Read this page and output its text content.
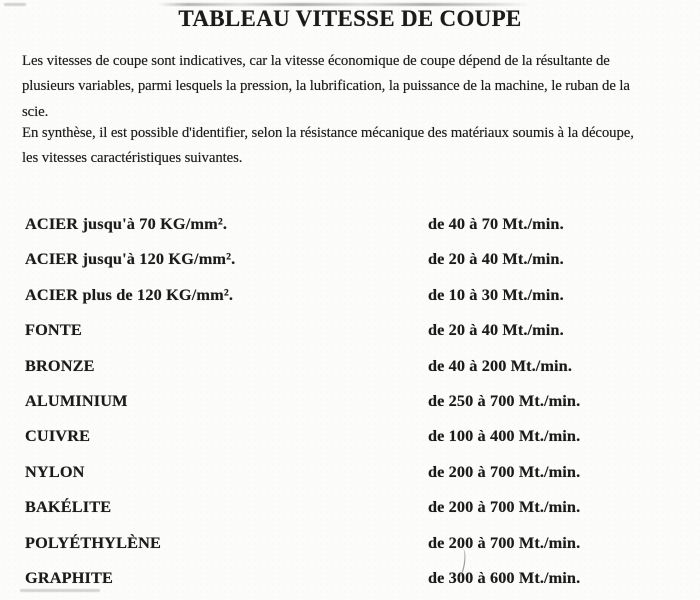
TABLEAU VITESSE DE COUPE
Les vitesses de coupe sont indicatives, car la vitesse économique de coupe dépend de la résultante de
plusieurs variables, parmi lesquels la pression, la lubrification, la puissance de la machine, le ruban de la
scie.
En synthèse, il est possible d'identifier, selon la résistance mécanique des matériaux soumis à la découpe,
les vitesses caractéristiques suivantes.
ACIER jusqu'à 70 KG/mm².	de 40 à 70 Mt./min.
ACIER jusqu'à 120 KG/mm².	de 20 à 40 Mt./min.
ACIER plus de 120 KG/mm².	de 10 à 30 Mt./min.
FONTE	de 20 à 40 Mt./min.
BRONZE	de 40 à 200 Mt./min.
ALUMINIUM	de 250 à 700 Mt./min.
CUIVRE	de 100 à 400 Mt./min.
NYLON	de 200 à 700 Mt./min.
BAKÉLITE	de 200 à 700 Mt./min.
POLYÉTHYLÈNE	de 200 à 700 Mt./min.
GRAPHITE	de 300 à 600 Mt./min.
